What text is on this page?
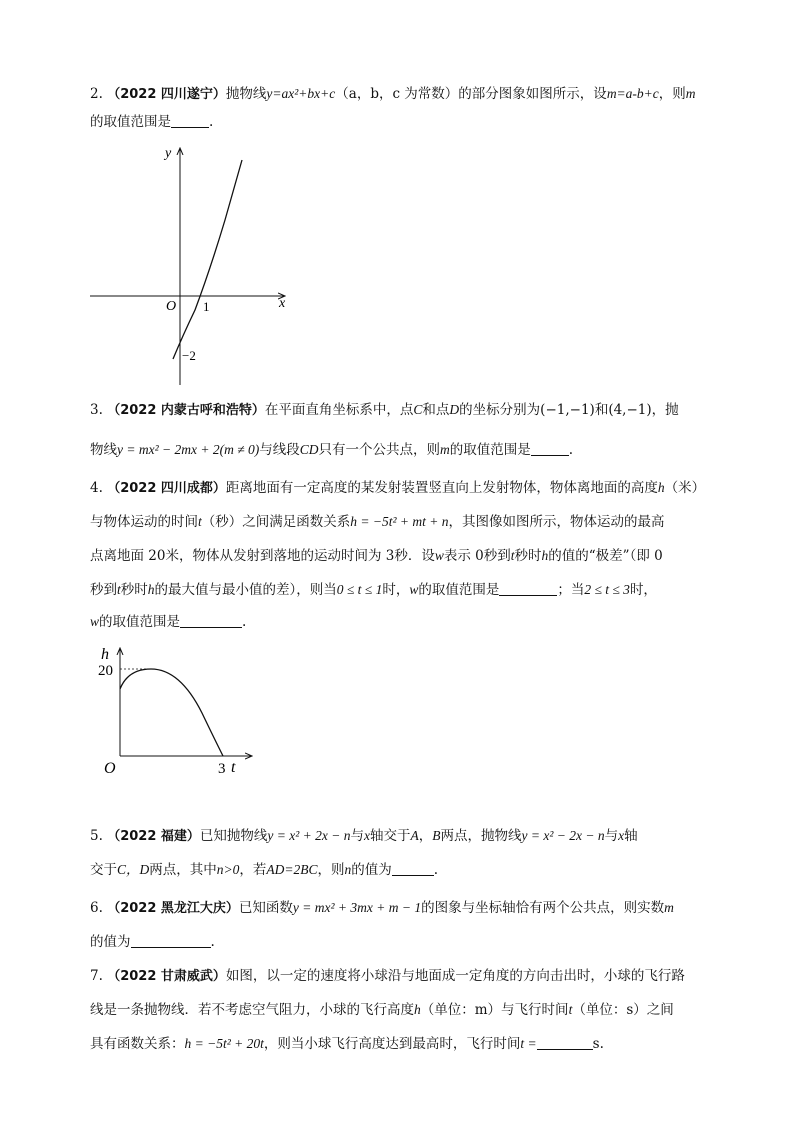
2. （2022 四川遂宁）抛物线y=ax²+bx+c（a，b，c 为常数）的部分图象如图所示，设m=a-b+c，则m
的取值范围是	.
y
x
O 1
−2
3. （2022 内蒙古呼和浩特）在平面直角坐标系中，点C和点D的坐标分别为(−1,−1)和(4,−1)，抛
物线y = mx² − 2mx + 2(m ≠ 0)与线段CD只有一个公共点，则m的取值范围是	.
4. （2022 四川成都）距离地面有一定高度的某发射装置竖直向上发射物体，物体离地面的高度h（米）
与物体运动的时间t（秒）之间满足函数关系h = −5t² + mt + n，其图像如图所示，物体运动的最高
点离地面 20米，物体从发射到落地的运动时间为 3秒．设w表示 0秒到t秒时h的值的“极差”（即 0
秒到t秒时h的最大值与最小值的差），则当0 ≤ t ≤ 1时，w的取值范围是	；当2 ≤ t ≤ 3时，
w的取值范围是	.
h
t
O
20
3
5. （2022 福建）已知抛物线y = x² + 2x − n与x轴交于A，B两点，抛物线y = x² − 2x − n与x轴
交于C，D两点，其中n>0，若AD=2BC，则n的值为	.
6. （2022 黑龙江大庆）已知函数y = mx² + 3mx + m − 1的图象与坐标轴恰有两个公共点，则实数m
的值为	.
7. （2022 甘肃威武）如图，以一定的速度将小球沿与地面成一定角度的方向击出时，小球的飞行路
线是一条抛物线．若不考虑空气阻力，小球的飞行高度h（单位：m）与飞行时间t（单位：s）之间
具有函数关系：h = −5t² + 20t，则当小球飞行高度达到最高时，飞行时间t =	s.
